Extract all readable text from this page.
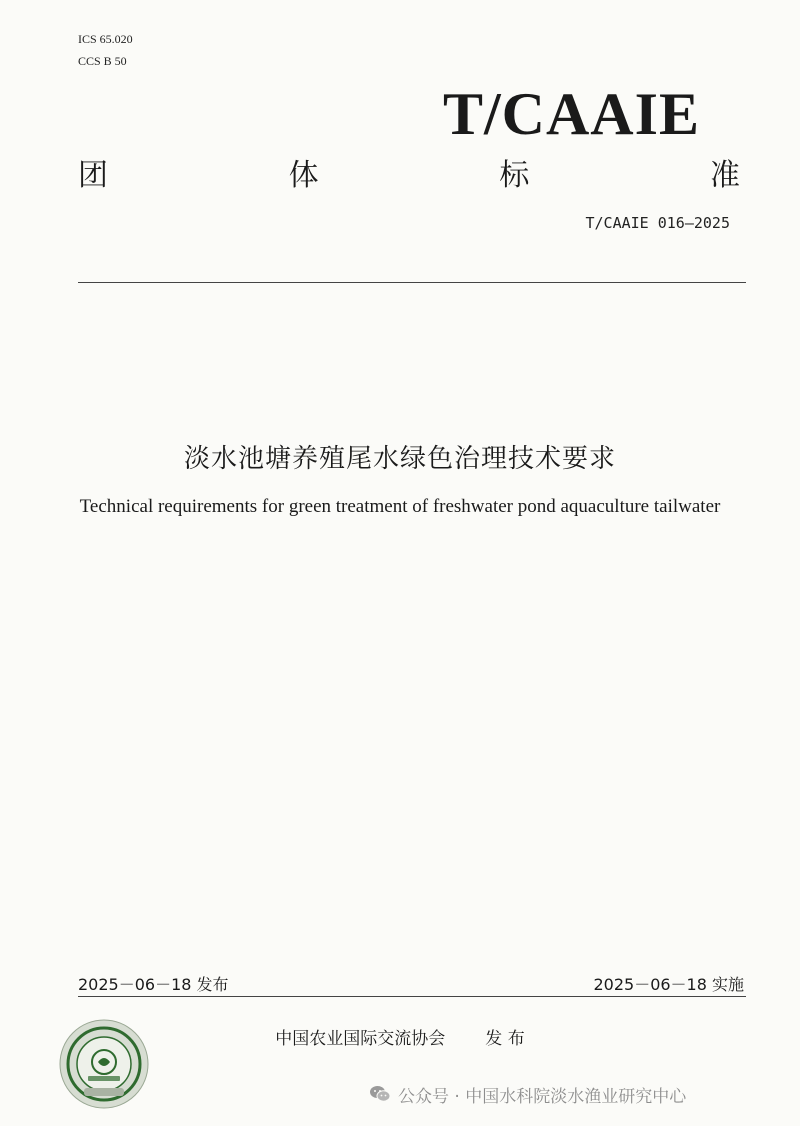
ICS 65.020
CCS B 50
T/CAAIE
团	体	标	准
T/CAAIE 016—2025
淡水池塘养殖尾水绿色治理技术要求
Technical requirements for green treatment of freshwater pond aquaculture tailwater
2025－06－18 发布	2025－06－18 实施
中国农业国际交流协会 发 布
公众号 · 中国水科院淡水渔业研究中心
